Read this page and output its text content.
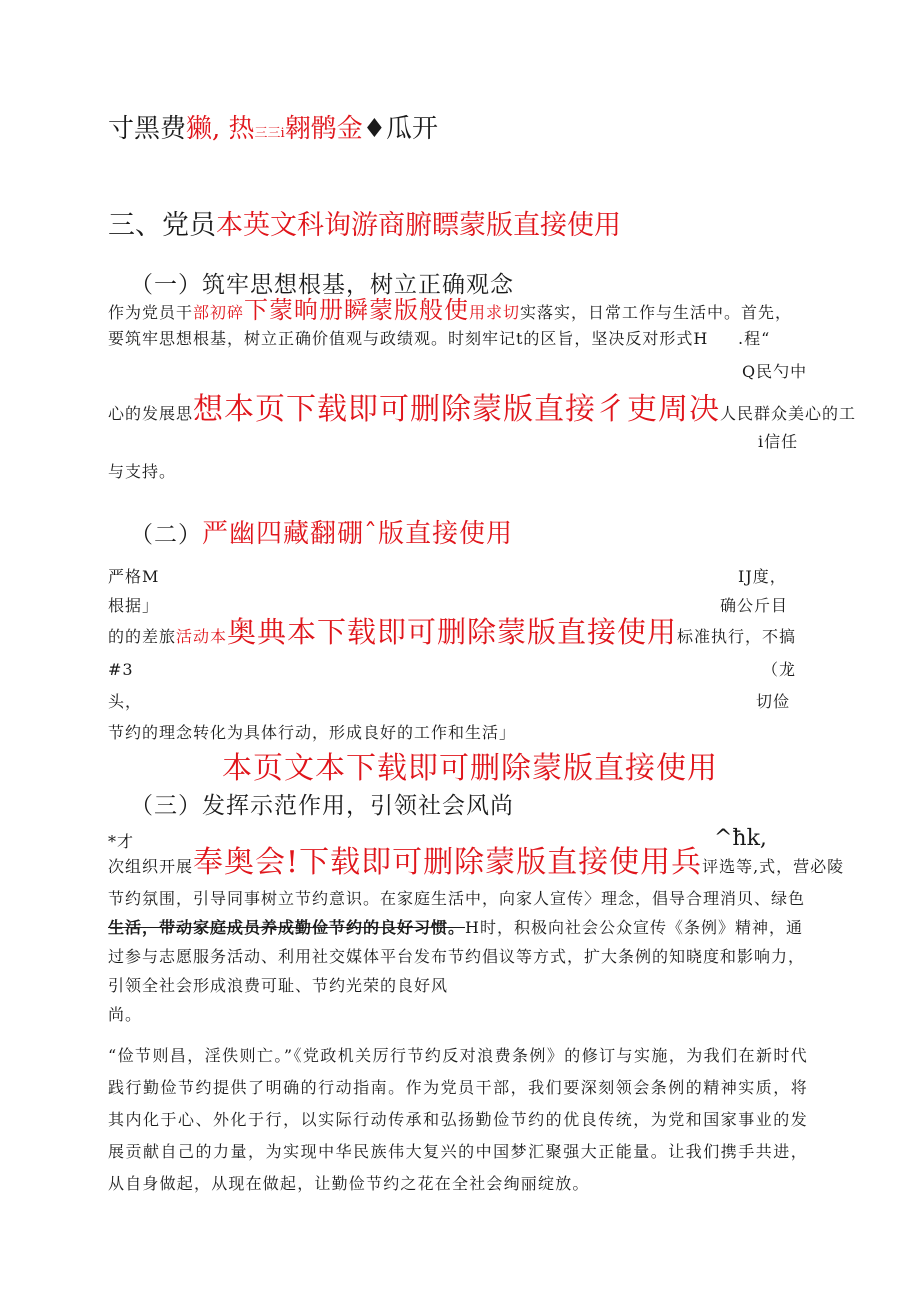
寸黑费獭, 热三三i翱鹘金♦瓜开
三、党员本英文科询游商腑瞟蒙版直接使用
（一）筑牢思想根基，树立正确观念
作为党员干部初碎下蒙晌册瞬蒙版般使用求切实落实，日常工作与生活中。首先，
要筑牢思想根基，树立正确价值观与政绩观。时刻牢记t的区旨，坚决反对形式H .程“
Q民勺中
心的发展思想本页下载即可删除蒙版直接彳吏周决人民群众美心的工
i信任
与支持。
（二）严幽四藏翻硼ˆ版直接使用
严格M	IJ度，
根据」	确公斤目
的的差旅活动本奥典本下载即可删除蒙版直接使用标准执行，不搞
#3	（龙
头，	切俭
节约的理念转化为具体行动，形成良好的工作和生活」
本页文本下载即可删除蒙版直接使用
（三）发挥示范作用，引领社会风尚
*才	^ħk,
次组织开展奉奥会!下载即可删除蒙版直接使用兵评选等,式，营必陵
节约氛围，引导同事树立节约意识。在家庭生活中，向家人宣传〉理念，倡导合理消贝、绿色
生活，带动家庭成员养成勤俭节约的良好习惯。H时，积极向社会公众宣传《条例》精神，通
过参与志愿服务活动、利用社交媒体平台发布节约倡议等方式，扩大条例的知晓度和影响力，
引领全社会形成浪费可耻、节约光荣的良好风
尚。
“俭节则昌，淫佚则亡。”《党政机关厉行节约反对浪费条例》的修订与实施，为我们在新时代践行勤俭节约提供了明确的行动指南。作为党员干部，我们要深刻领会条例的精神实质，将其内化于心、外化于行，以实际行动传承和弘扬勤俭节约的优良传统，为党和国家事业的发展贡献自己的力量，为实现中华民族伟大复兴的中国梦汇聚强大正能量。让我们携手共进，从自身做起，从现在做起，让勤俭节约之花在全社会绚丽绽放。
